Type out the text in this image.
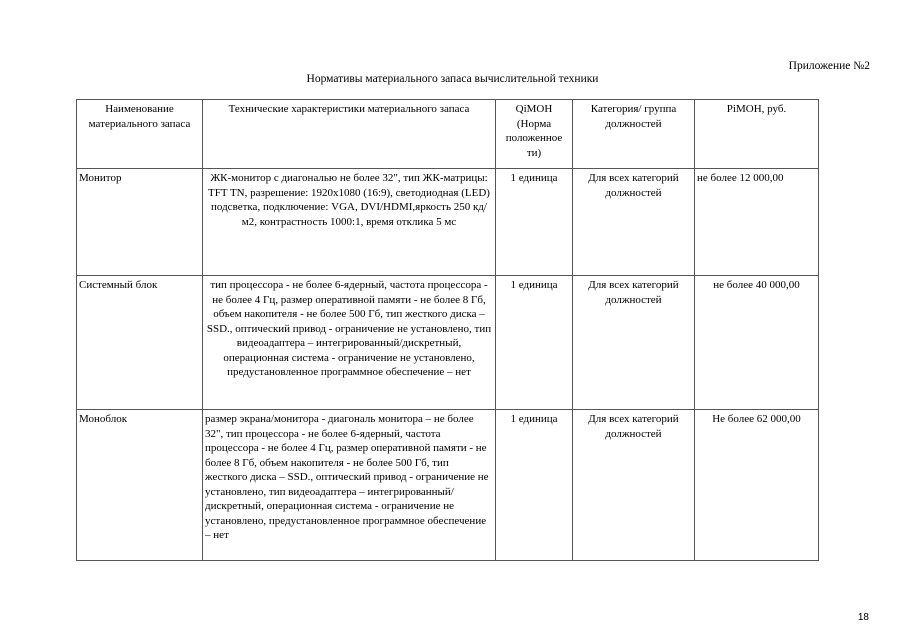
Приложение №2
Нормативы материального запаса вычислительной техники
Наименование материального запаса	Технические характеристики материального запаса	QiМОН (Норма положенное ти)	Категория/ группа должностей	PiМОН, руб.
Монитор	ЖК-монитор с диагональю не более 32", тип ЖК-матрицы: TFT TN, разрешение: 1920x1080 (16:9), светодиодная (LED) подсветка, подключение: VGA, DVI/HDMI,яркость 250 кд/м2, контрастность 1000:1, время отклика 5 мс	1 единица	Для всех категорий должностей	не более 12 000,00
Системный блок	тип процессора - не более 6-ядерный, частота процессора - не более 4 Гц, размер оперативной памяти - не более 8 Гб, объем накопителя - не более 500 Гб, тип жесткого диска – SSD., оптический привод - ограничение не установлено, тип видеоадаптера – интегрированный/дискретный, операционная система - ограничение не установлено, предустановленное программное обеспечение – нет	1 единица	Для всех категорий должностей	не более 40 000,00
Моноблок	размер экрана/монитора - диагональ монитора – не более 32", тип процессора - не более 6-ядерный, частота процессора - не более 4 Гц, размер оперативной памяти - не более 8 Гб, объем накопителя - не более 500 Гб, тип жесткого диска – SSD., оптический привод - ограничение не установлено, тип видеоадаптера – интегрированный/ дискретный, операционная система - ограничение не установлено, предустановленное программное обеспечение – нет	1 единица	Для всех категорий должностей	Не более 62 000,00
18
